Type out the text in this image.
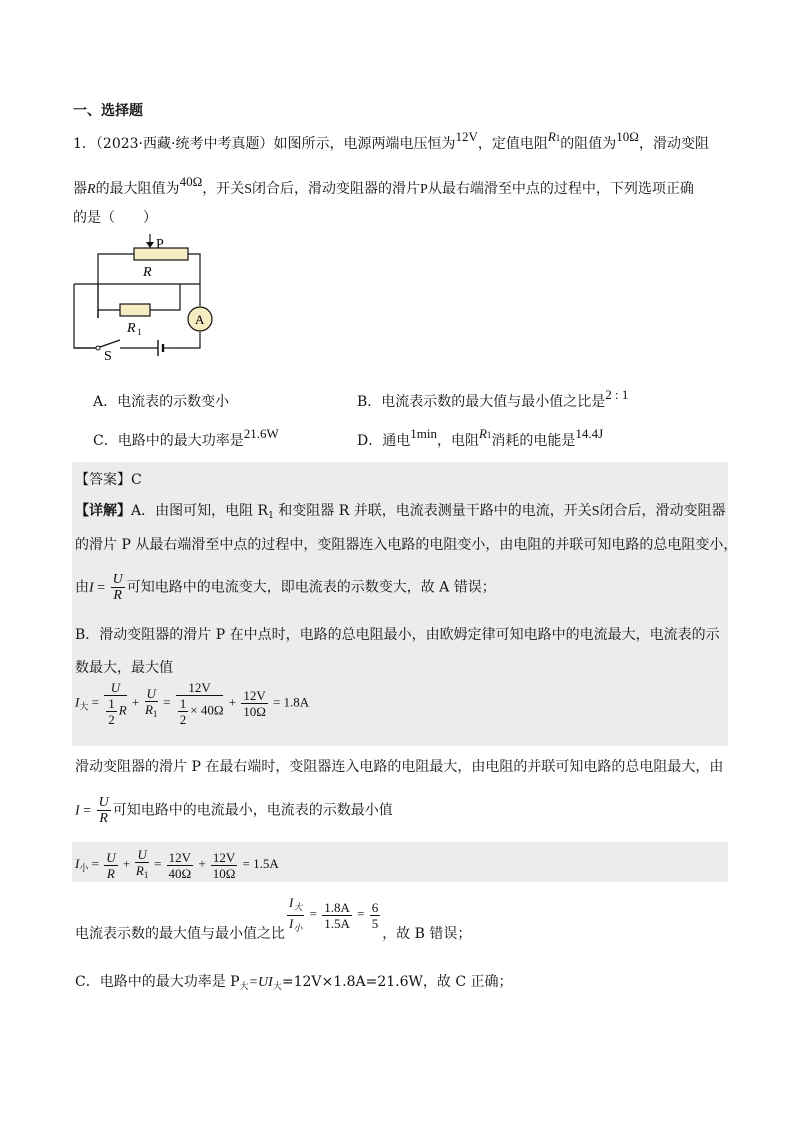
一、选择题
1．（2023·西藏·统考中考真题）如图所示，电源两端电压恒为12V，定值电阻R1的阻值为10Ω，滑动变阻
器R的最大阻值为40Ω，开关S闭合后，滑动变阻器的滑片P从最右端滑至中点的过程中，下列选项正确
的是（　　）
P
R
R 1
A
S
A．电流表的示数变小	B．电流表示数的最大值与最小值之比是2 : 1
C．电路中的最大功率是21.6W	D．通电1min，电阻R1消耗的电能是14.4J
【答案】C
【详解】A．由图可知，电阻 $R_1$ 和变阻器 R 并联，电流表测量干路中的电流，开关S闭合后，滑动变阻器
的滑片 P 从最右端滑至中点的过程中，变阻器连入电路的电阻变小，由电阻的并联可知电路的总电阻变小，
由$I = \frac{U}{R}$ 可知电路中的电流变大，即电流表的示数变大，故 A 错误；
B．滑动变阻器的滑片 P 在中点时，电路的总电阻最小，由欧姆定律可知电路中的电流最大，电流表的示
数最大，最大值
$I_大 = \frac{U}{\frac{1}{2} R} + \frac{U}{R_1} = \frac{12V}{\frac{1}{2} \times 40\Omega} + \frac{12V}{10\Omega} = 1.8A$
滑动变阻器的滑片 P 在最右端时，变阻器连入电路的电阻最大，由电阻的并联可知电路的总电阻最大，由
$I = \frac{U}{R}$ 可知电路中的电流最小，电流表的示数最小值
$I_小 = \frac{U}{R} + \frac{U}{R_1} = \frac{12V}{40\Omega} + \frac{12V}{10\Omega} = 1.5A$
电流表示数的最大值与最小值之比 $\frac{I_大}{I_小} = \frac{1.8A}{1.5A} = \frac{6}{5}$
，故 B 错误；
C．电路中的最大功率是 $P_大=UI_大=12V\times 1.8A=21.6W$，故 C 正确；
